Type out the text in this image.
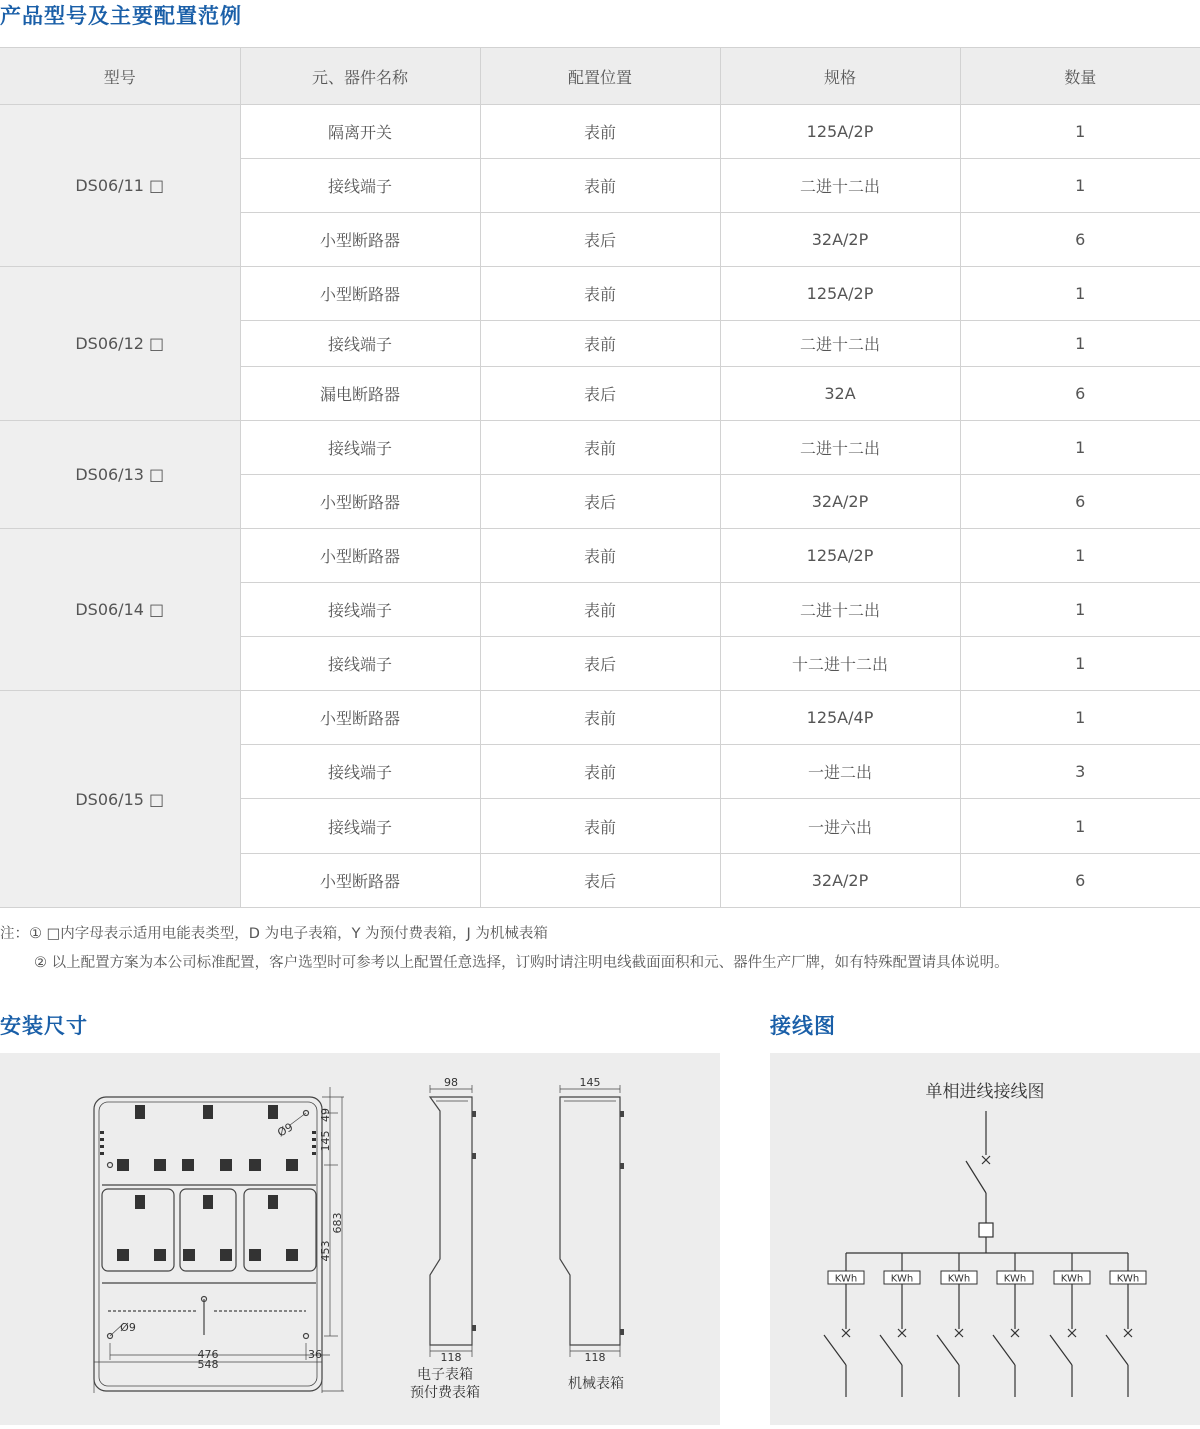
产品型号及主要配置范例
型号	元、器件名称	配置位置	规格	数量
DS06/11 □	隔离开关	表前	125A/2P	1
	接线端子	表前	二进十二出	1
	小型断路器	表后	32A/2P	6
DS06/12 □	小型断路器	表前	125A/2P	1
	接线端子	表前	二进十二出	1
	漏电断路器	表后	32A	6
DS06/13 □	接线端子	表前	二进十二出	1
	小型断路器	表后	32A/2P	6
DS06/14 □	小型断路器	表前	125A/2P	1
	接线端子	表前	二进十二出	1
	接线端子	表后	十二进十二出	1
DS06/15 □	小型断路器	表前	125A/4P	1
	接线端子	表前	一进二出	3
	接线端子	表前	一进六出	1
	小型断路器	表后	32A/2P	6
注：① □内字母表示适用电能表类型，D 为电子表箱，Y 为预付费表箱，J 为机械表箱
② 以上配置方案为本公司标准配置，客户选型时可参考以上配置任意选择，订购时请注明电线截面面积和元、器件生产厂牌，如有特殊配置请具体说明。
安装尺寸	接线图
49
145
683
453
476
548
36
Ø9
Ø9
98
118
145
118
电子表箱
预付费表箱
机械表箱
单相进线接线图
KWh	KWh	KWh	KWh	KWh	KWh
